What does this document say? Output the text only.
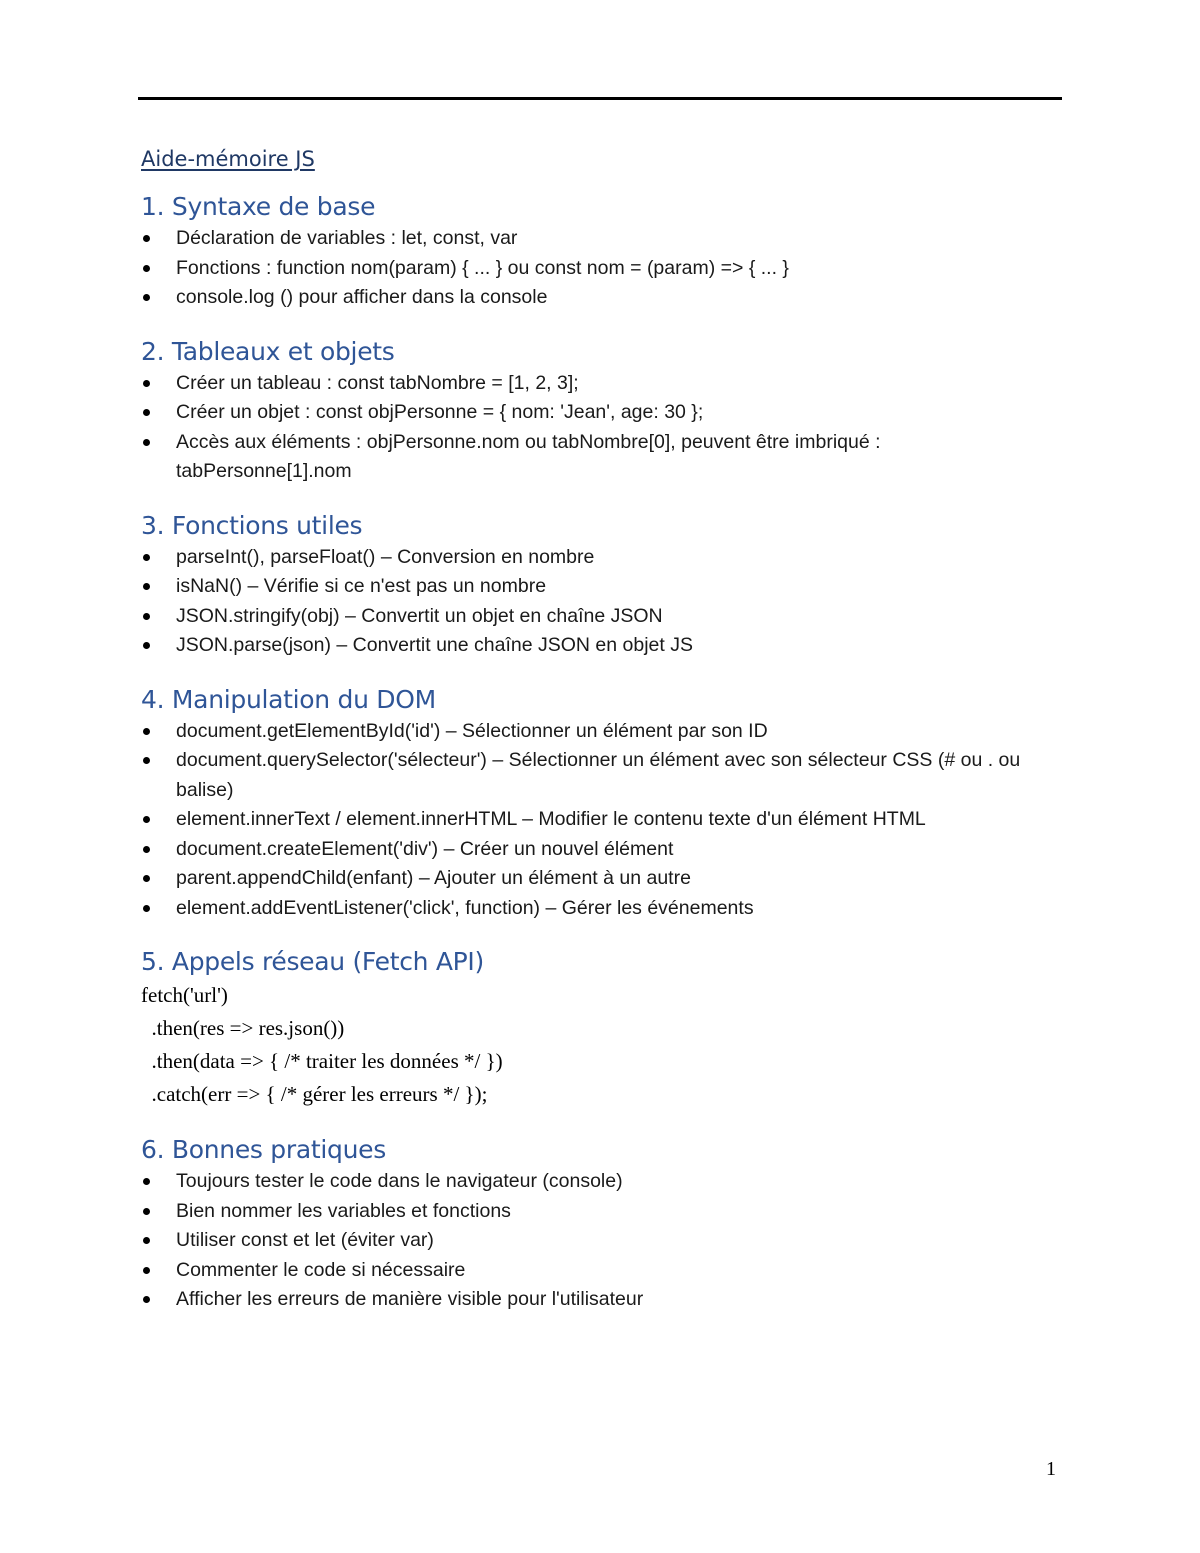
Aide-mémoire JS
1. Syntaxe de base
Déclaration de variables : let, const, var
Fonctions : function nom(param) { ... } ou const nom = (param) => { ... }
console.log () pour afficher dans la console
2. Tableaux et objets
Créer un tableau : const tabNombre = [1, 2, 3];
Créer un objet : const objPersonne = { nom: 'Jean', age: 30 };
Accès aux éléments : objPersonne.nom ou tabNombre[0], peuvent être imbriqué : tabPersonne[1].nom
3. Fonctions utiles
parseInt(), parseFloat() – Conversion en nombre
isNaN() – Vérifie si ce n'est pas un nombre
JSON.stringify(obj) – Convertit un objet en chaîne JSON
JSON.parse(json) – Convertit une chaîne JSON en objet JS
4. Manipulation du DOM
document.getElementById('id') – Sélectionner un élément par son ID
document.querySelector('sélecteur') – Sélectionner un élément avec son sélecteur CSS (# ou . ou balise)
element.innerText / element.innerHTML – Modifier le contenu texte d'un élément HTML
document.createElement('div') – Créer un nouvel élément
parent.appendChild(enfant) – Ajouter un élément à un autre
element.addEventListener('click', function) – Gérer les événements
5. Appels réseau (Fetch API)
fetch('url')
.then(res => res.json())
.then(data => { /* traiter les données */ })
.catch(err => { /* gérer les erreurs */ });
6. Bonnes pratiques
Toujours tester le code dans le navigateur (console)
Bien nommer les variables et fonctions
Utiliser const et let (éviter var)
Commenter le code si nécessaire
Afficher les erreurs de manière visible pour l'utilisateur
1
